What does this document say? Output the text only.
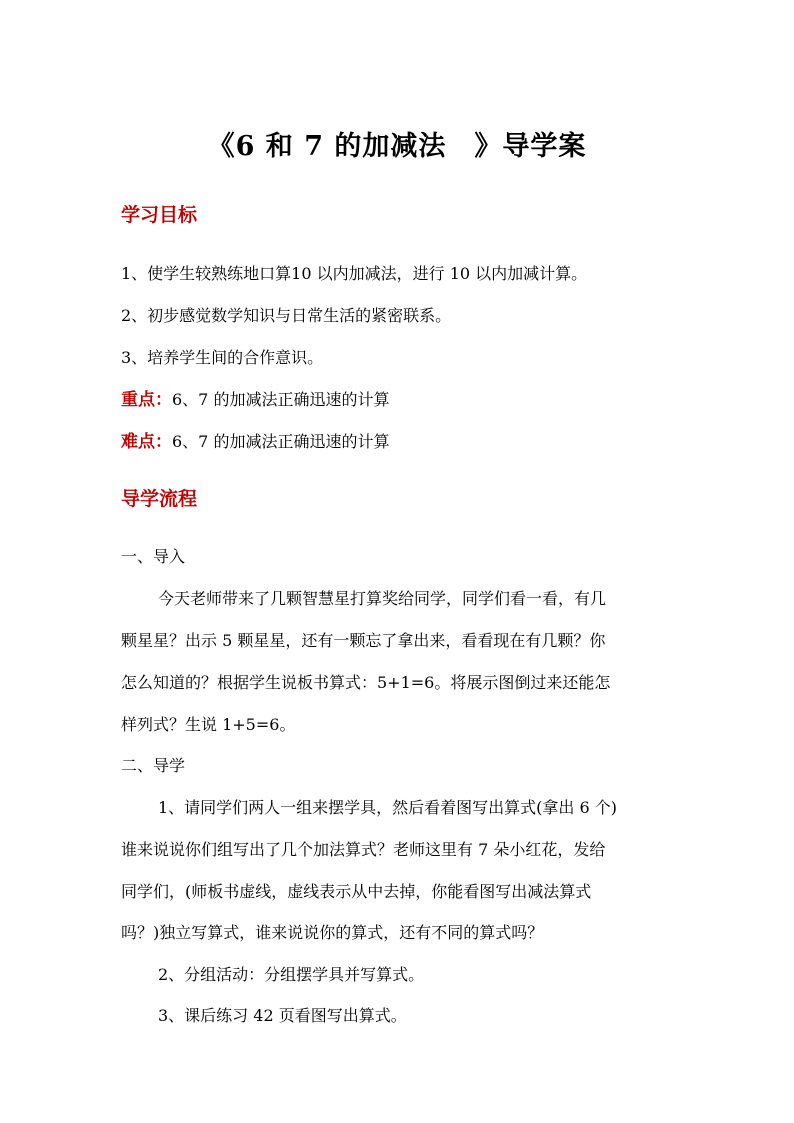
《6 和 7 的加减法　》导学案
学习目标
1、使学生较熟练地口算10 以内加减法，进行 10 以内加减计算。
2、初步感觉数学知识与日常生活的紧密联系。
3、培养学生间的合作意识。
重点：6、7 的加减法正确迅速的计算
难点：6、7 的加减法正确迅速的计算
导学流程
一、导入
今天老师带来了几颗智慧星打算奖给同学，同学们看一看，有几
颗星星？出示 5 颗星星，还有一颗忘了拿出来，看看现在有几颗？你
怎么知道的？根据学生说板书算式：5+1=6。将展示图倒过来还能怎
样列式？生说 1+5=6。
二、导学
1、请同学们两人一组来摆学具，然后看着图写出算式(拿出 6 个)
谁来说说你们组写出了几个加法算式？老师这里有 7 朵小红花，发给
同学们，(师板书虚线，虚线表示从中去掉，你能看图写出减法算式
吗？)独立写算式，谁来说说你的算式，还有不同的算式吗？
2、分组活动：分组摆学具并写算式。
3、课后练习 42 页看图写出算式。
